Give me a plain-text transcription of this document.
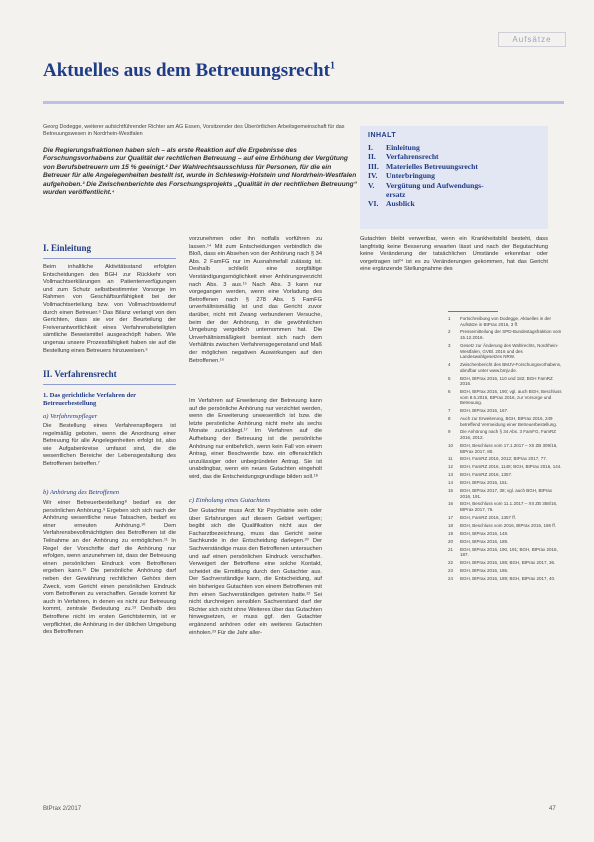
Aufsätze
Aktuelles aus dem Betreuungsrecht$^1$
Georg Dodegge, weiterer aufsichtführender Richter am AG Essen, Vorsitzender des Überörtlichen Arbeitsgemeinschaft für das Betreuungswesen in Nordrhein-Westfalen
Die Regierungsfraktionen haben sich – als erste Reaktion auf die Ergebnisse des Forschungsvorhabens zur Qualität der rechtlichen Betreuung – auf eine Erhöhung der Vergütung von Berufsbetreuern um 15 % geeinigt.² Der Wahlrechtsausschluss für Personen, für die ein Betreuer für alle Angelegenheiten bestellt ist, wurde in Schleswig-Holstein und Nordrhein-Westfalen aufgehoben.³ Die Zwischenberichte des Forschungsprojekts „Qualität in der rechtlichen Betreuung“ wurden veröffentlicht.⁴
INHALT
I.	Einleitung
II.	Verfahrensrecht
III. Materielles Betreuungsrecht
IV.	Unterbringung
V.	Vergütung und Aufwendungs-
ersatz
VI.	Ausblick
I. Einleitung

Beim inhaltliche Aktivitätsstand erfolgten Entscheidungen des BGH zur Rückkehr von Vollmachtserklärungen an Patientenverfügungen und zum Schutz selbstbestimmter Vorsorge im Rahmen von Geschäftsunfähigkeit bei der Vollmachtserteilung bzw. von Vollmachtswiderruf durch einen Betreuer.⁵ Das Bilanz verlangt von den Gerichten, dass sie vor der Beurteilung der Freiverantwortlichkeit eines Verfahrensbeteiligten sämtliche Beweismittel ausgeschöpft haben. Wie ungenau unsere Prozessfähigkeit haben sie auf die Bestellung eines Betreuers hinzuweisen.⁶

II. Verfahrensrecht
1. Das gerichtliche Verfahren der Betreuerbestellung
a) Verfahrenspfleger

Die Bestellung eines Verfahrenspflegers ist regelmäßig geboten, wenn die Anordnung einer Betreuung für alle Angelegenheiten erfolgt ist, also wie Aufgabenkreise umfasst sind, die die wesentlichen Bereiche der Lebensgestaltung des Betroffenen betreffen.⁷

b) Anhörung des Betroffenen

Wir einer Betreuerbestellung⁸ bedarf es der persönlichen Anhörung.⁹ Ergeben sich sich nach der Anhörung wesentliche neue Tatsachen, bedarf es einer erneuten Anhörung.¹⁰ Dem Verfahrensbevollmächtigten des Betroffenen ist die Teilnahme an der Anhörung zu ermöglichen.¹¹ In Regel der Vorschrifte darf die Anhörung nur erfolgen, wenn anzunehmen ist, dass der Betreuung einen persönlichen Eindruck vom Betroffenen ergeben kann.¹² Die persönliche Anhörung darf neben der Gewährung rechtlichen Gehörs dem Zweck, vom Gericht einen persönlichen Eindruck vom Betroffenen zu verschaffen. Gerade kommt für auch in Verfahren, in denen es nicht zur Betreuung kommt, zentrale Bedeutung zu.¹³ Deshalb des Betroffene nicht im ersten Gerichtstermin, ist er verpflichtet, die Anhörung in der üblichen Umgebung des Betroffenen

vorzunehmen oder ihn notfalls vorführen zu lassen.¹⁴ Mit zum Entscheidungen verbindlich die Bloß, dass ein Absehen von der Anhörung nach § 34 Abs. 2 FamFG nur im Ausnahmefall zulässig ist. Deshalb schließt eine sorgfältige Verständigungsmöglichkeit einer Anhörungsverzicht nach Abs. 3 aus.¹⁵ Nach Abs. 3 kann nur vorgegangen werden, wenn eine Vorladung des Betroffenen nach § 278 Abs. 5 FamFG unverhältnismäßig ist und das Gericht zuvor darüber, nicht mit Zwang verbundenen Versuche, beim der der Anhörung, in die gewöhnlichen Umgebung vergeblich unternommen hat. Die Unverhältnismäßigkeit bemisst sich nach dem Verhältnis zwischen Verfahrensgegenstand und Maß der möglichen negativen Auswirkungen auf den Betroffenen.¹⁶

Im Verfahren auf Erweiterung der Betreuung kann auf die persönliche Anhörung nur verzichtet werden, wenn die Erweiterung unwesentlich ist bzw. die letzte persönliche Anhörung nicht mehr als sechs Monate zurückliegt.¹⁷ Im Verfahren auf die Aufhebung der Betreuung ist die persönliche Anhörung nur entbehrlich, wenn kein Fall von einem Antrag, einer Beschwerde bzw. ein offensichtlich unzulässiger oder unbegründeter Antrag. Sie ist unabdingbar, wenn ein neues Gutachten eingeholt wird, das die Entscheidungsgrundlage bilden soll.¹⁸

c) Einholung eines Gutachtens

Der Gutachter muss Arzt für Psychiatrie sein oder über Erfahrungen auf diesem Gebiet verfügen; begibt sich die Qualifikation nicht aus der Facharztbezeichnung, muss das Gericht seine Sachkunde in der Entscheidung darlegen.²⁰ Der Sachverständige muss den Betroffenen untersuchen und auf einen persönlichen Eindruck verschaffen. Verweigert der Betroffene eine solche Kontakt, scheidet die Ermittlung durch den Gutachter aus. Der Sachverständige kann, die Entscheidung, auf ein bisheriges Gutachten von einem Betroffenen mit ihm einen Sachverständigen getreten hatte.²² Sei nicht durchreigen sensiblen Sachverstand darf der Richter sich nicht ohne Weiteres über das Gutachten hinwegsetzen, er muss ggf. den Gutachter ergänzend anhören oder ein weiteres Gutachten einholen.²³ Für die Jahr aller-

Gutachten bleibt verwertbar, wenn ein Krankheitsbild besteht, dass langfristig keine Besserung erwarten lässt und nach der Begutachtung keine Veränderung der tatsächlichen Umstände erkennbar oder vorgetragen ist²⁴ ist es zu Veränderungen gekommen, hat das Gericht eine ergänzende Stellungnahme des

1	Fortschreibung von Dodegge, Aktuelles in der Aufsätze in BtPrax 2016, 3 ff.
2	Pressemitteilung der SPD-Bundestagsfraktion vom 15.12.2016.
3	Gesetz zur Änderung des Wahlrechts, Nordrhein-Westfalen, GVBl. 2016 und des Landeswahlgesetzes NRW.
4	Zwischenbericht des BMJV-Forschungsvorhabens, abrufbar unter www.bmjv.de.
5	BGH, BtPrax 2016, 110 und 182; BGH FamRZ 2016.
6	BGH, BtPrax 2016, 190; vgl. auch BGH, Beschluss vom 8.6.2016, BtPrax 2016, zur Vorsorge und Betreuung.
7	BGH, BtPrax 2016, 167.
8	Auch zur Erweiterung, BGH, BtPrax 2016, 249 betreffend Vermeidung einer Betreuerbestellung.
9	Die Anhörung nach § 34 Abs. 3 FamFG, FamRZ 2016, 2012.
10	BGH, Beschluss vom 17.1.2017 – XII ZB 309/16, BtPrax 2017, 80.
11	BGH, FamRZ 2016, 2012; BtPrax 2017, 77.
12	BGH, FamRZ 2016, 1148; BGH, BtPrax 2016, 144.
13	BGH, FamRZ 2016, 1357.
14	BGH, BtPrax 2016, 151.
15	BGH, BtPrax 2017, 38; vgl. auch BGH, BtPrax 2016, 191.
16	BGH, Beschluss vom 11.1.2017 – XII ZB 358/16, BtPrax 2017, 76.
17	BGH, FamRZ 2016, 1357 ff.
18	BGH, Beschluss vom 2016, BtPrax 2016, 186 ff.
19	BGH, BtPrax 2016, 148.
20	BGH, BtPrax 2016, 189.
21	BGH, BtPrax 2016, 190, 191; BGH, BtPrax 2016, 187.
22	BGH, BtPrax 2016, 188; BGH, BtPrax 2017, 36.
23	BGH, BtPrax 2016, 186.
24	BGH, BtPrax 2016, 189; BGH, BtPrax 2017, 40.
BtPrax 2/2017	47
